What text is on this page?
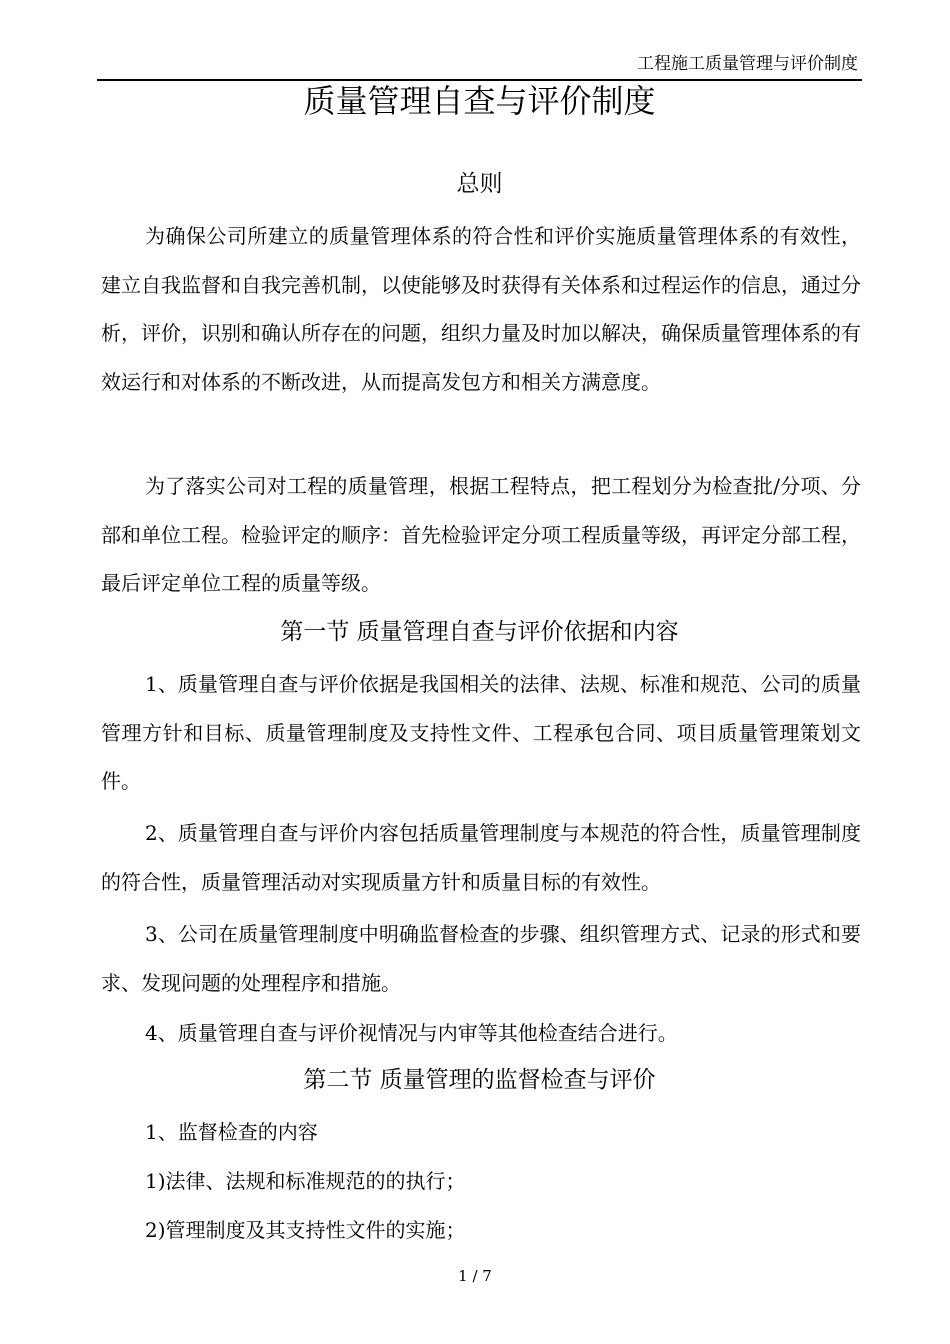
工程施工质量管理与评价制度
质量管理自查与评价制度
总则

为确保公司所建立的质量管理体系的符合性和评价实施质量管理体系的有效性，建立自我监督和自我完善机制，以使能够及时获得有关体系和过程运作的信息，通过分析，评价，识别和确认所存在的问题，组织力量及时加以解决，确保质量管理体系的有效运行和对体系的不断改进，从而提高发包方和相关方满意度。

为了落实公司对工程的质量管理，根据工程特点，把工程划分为检查批/分项、分部和单位工程。检验评定的顺序：首先检验评定分项工程质量等级，再评定分部工程，最后评定单位工程的质量等级。

第一节 质量管理自查与评价依据和内容

1、质量管理自查与评价依据是我国相关的法律、法规、标准和规范、公司的质量管理方针和目标、质量管理制度及支持性文件、工程承包合同、项目质量管理策划文件。

2、质量管理自查与评价内容包括质量管理制度与本规范的符合性，质量管理制度的符合性，质量管理活动对实现质量方针和质量目标的有效性。

3、公司在质量管理制度中明确监督检查的步骤、组织管理方式、记录的形式和要求、发现问题的处理程序和措施。

4、质量管理自查与评价视情况与内审等其他检查结合进行。

第二节 质量管理的监督检查与评价

1、监督检查的内容

1)法律、法规和标准规范的的执行；

2)管理制度及其支持性文件的实施；

1 / 7
